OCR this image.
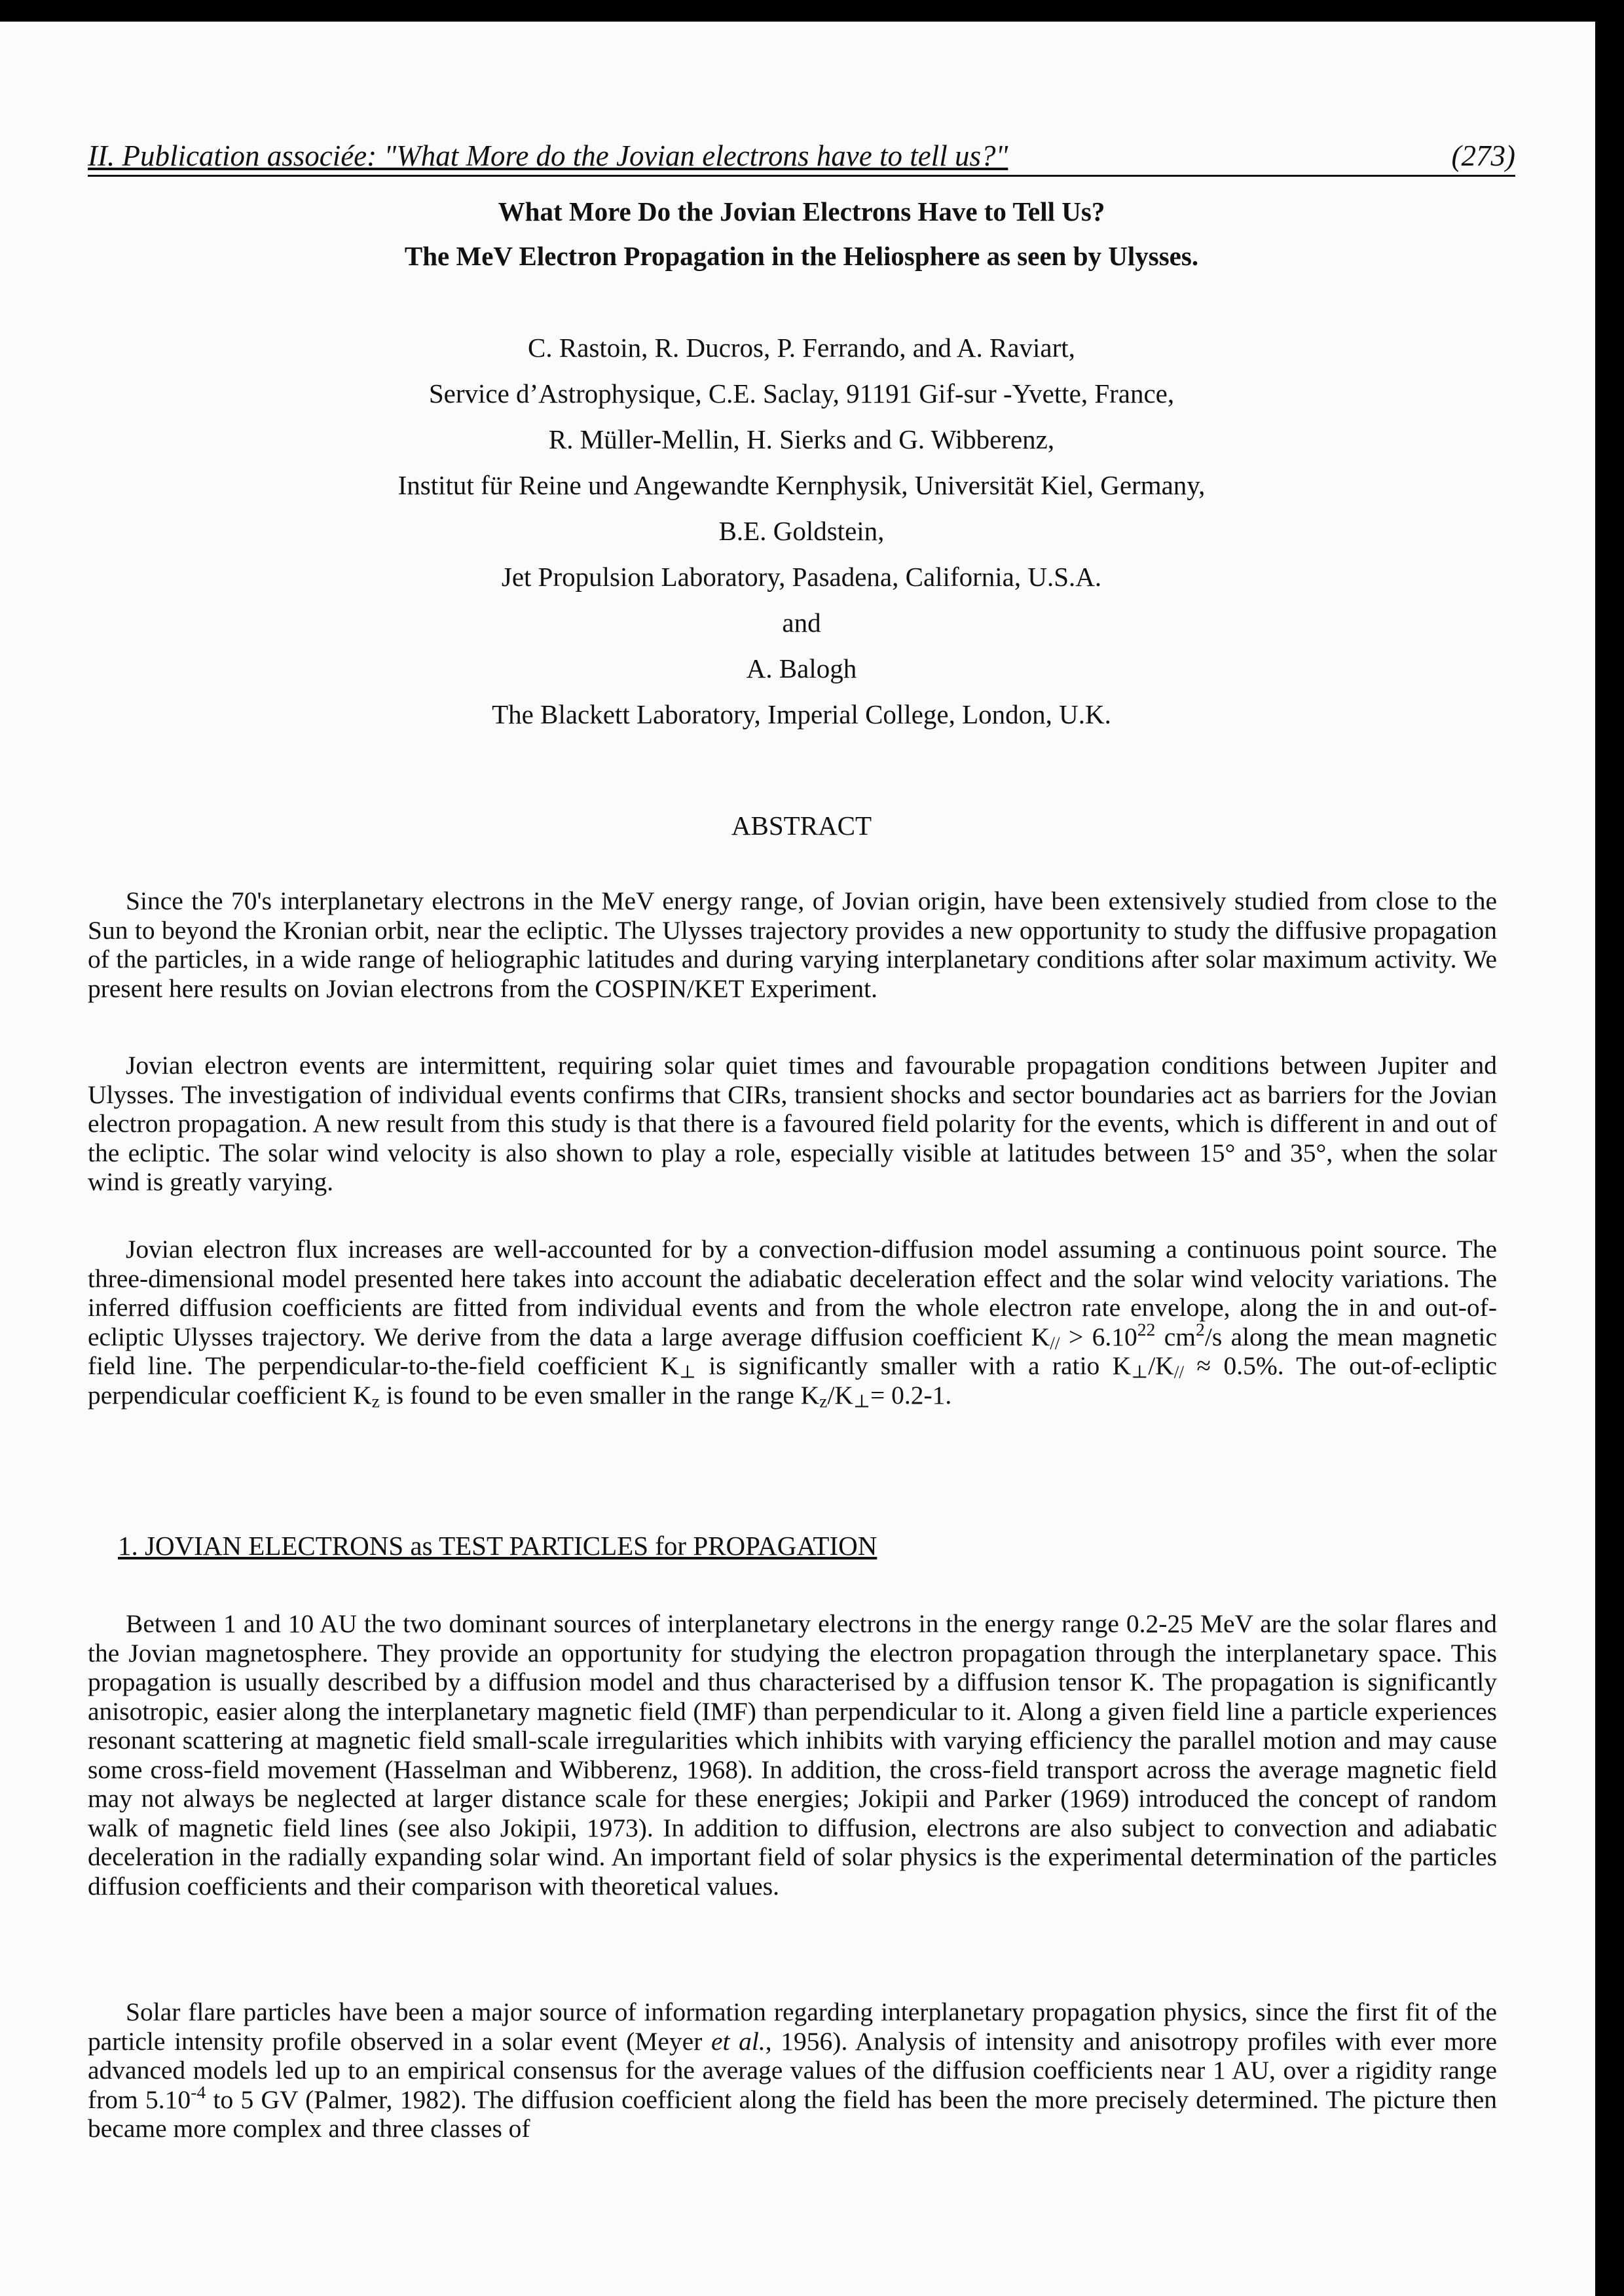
II. Publication associée: "What More do the Jovian electrons have to tell us?"	(273)
What More Do the Jovian Electrons Have to Tell Us?
The MeV Electron Propagation in the Heliosphere as seen by Ulysses.
C. Rastoin, R. Ducros, P. Ferrando, and A. Raviart,
Service d’Astrophysique, C.E. Saclay, 91191 Gif-sur -Yvette, France,
R. Müller-Mellin, H. Sierks and G. Wibberenz,
Institut für Reine und Angewandte Kernphysik, Universität Kiel, Germany,
B.E. Goldstein,
Jet Propulsion Laboratory, Pasadena, California, U.S.A.
and
A. Balogh
The Blackett Laboratory, Imperial College, London, U.K.
ABSTRACT

Since the 70's interplanetary electrons in the MeV energy range, of Jovian origin, have been extensively studied from close to the Sun to beyond the Kronian orbit, near the ecliptic. The Ulysses trajectory provides a new opportunity to study the diffusive propagation of the particles, in a wide range of heliographic latitudes and during varying interplanetary conditions after solar maximum activity. We present here results on Jovian electrons from the COSPIN/KET Experiment.

Jovian electron events are intermittent, requiring solar quiet times and favourable propagation conditions between Jupiter and Ulysses. The investigation of individual events confirms that CIRs, transient shocks and sector boundaries act as barriers for the Jovian electron propagation. A new result from this study is that there is a favoured field polarity for the events, which is different in and out of the ecliptic. The solar wind velocity is also shown to play a role, especially visible at latitudes between 15° and 35°, when the solar wind is greatly varying.

Jovian electron flux increases are well-accounted for by a convection-diffusion model assuming a continuous point source. The three-dimensional model presented here takes into account the adiabatic deceleration effect and the solar wind velocity variations. The inferred diffusion coefficients are fitted from individual events and from the whole electron rate envelope, along the in and out-of-ecliptic Ulysses trajectory. We derive from the data a large average diffusion coefficient $K_{//} > 6.10^{22}$ $cm^2/s$ along the mean magnetic field line. The perpendicular-to-the-field coefficient $K_\perp$ is significantly smaller with a ratio $K_\perp/K_{//} \approx 0.5\%$. The out-of-ecliptic perpendicular coefficient $K_z$ is found to be even smaller in the range $K_z/K_\perp= 0.2-1$.

1. JOVIAN ELECTRONS as TEST PARTICLES for PROPAGATION

Between 1 and 10 AU the two dominant sources of interplanetary electrons in the energy range 0.2-25 MeV are the solar flares and the Jovian magnetosphere. They provide an opportunity for studying the electron propagation through the interplanetary space. This propagation is usually described by a diffusion model and thus characterised by a diffusion tensor K. The propagation is significantly anisotropic, easier along the interplanetary magnetic field (IMF) than perpendicular to it. Along a given field line a particle experiences resonant scattering at magnetic field small-scale irregularities which inhibits with varying efficiency the parallel motion and may cause some cross-field movement (Hasselman and Wibberenz, 1968). In addition, the cross-field transport across the average magnetic field may not always be neglected at larger distance scale for these energies; Jokipii and Parker (1969) introduced the concept of random walk of magnetic field lines (see also Jokipii, 1973). In addition to diffusion, electrons are also subject to convection and adiabatic deceleration in the radially expanding solar wind. An important field of solar physics is the experimental determination of the particles diffusion coefficients and their comparison with theoretical values.

Solar flare particles have been a major source of information regarding interplanetary propagation physics, since the first fit of the particle intensity profile observed in a solar event (Meyer et al., 1956). Analysis of intensity and anisotropy profiles with ever more advanced models led up to an empirical consensus for the average values of the diffusion coefficients near 1 AU, over a rigidity range from $5.10^{-4}$ to 5 GV (Palmer, 1982). The diffusion coefficient along the field has been the more precisely determined. The picture then became more complex and three classes of
